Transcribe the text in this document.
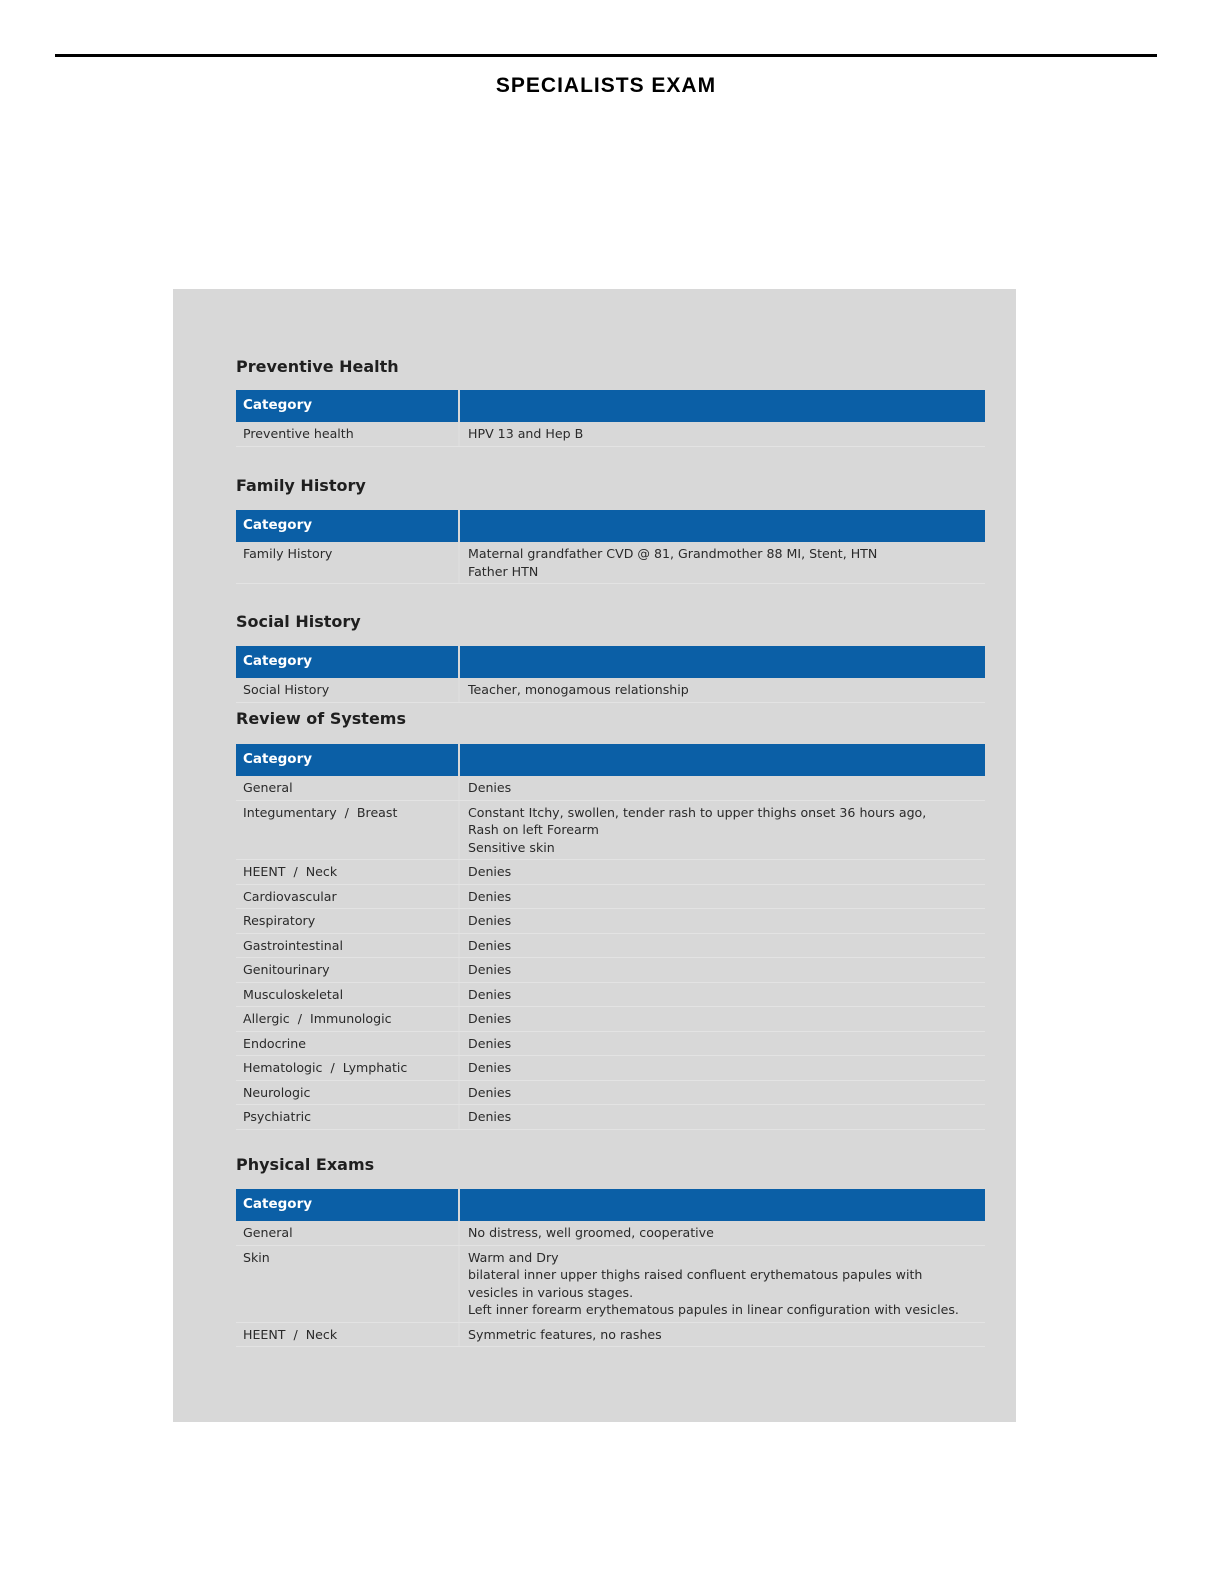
SPECIALISTS EXAM
Preventive Health
Category
Preventive health	HPV 13 and Hep B
Family History
Category
Family History	Maternal grandfather CVD @ 81, Grandmother 88 MI, Stent, HTN
Father HTN
Social History
Category
Social History	Teacher, monogamous relationship
Review of Systems
Category
General	Denies
Integumentary  /  Breast	Constant Itchy, swollen, tender rash to upper thighs onset 36 hours ago,
Rash on left Forearm
Sensitive skin
HEENT  /  Neck	Denies
Cardiovascular	Denies
Respiratory	Denies
Gastrointestinal	Denies
Genitourinary	Denies
Musculoskeletal	Denies
Allergic  /  Immunologic	Denies
Endocrine	Denies
Hematologic  /  Lymphatic	Denies
Neurologic	Denies
Psychiatric	Denies
Physical Exams
Category
General	No distress, well groomed, cooperative
Skin	Warm and Dry
bilateral inner upper thighs raised confluent erythematous papules with
vesicles in various stages.
Left inner forearm erythematous papules in linear configuration with vesicles.
HEENT  /  Neck	Symmetric features, no rashes
